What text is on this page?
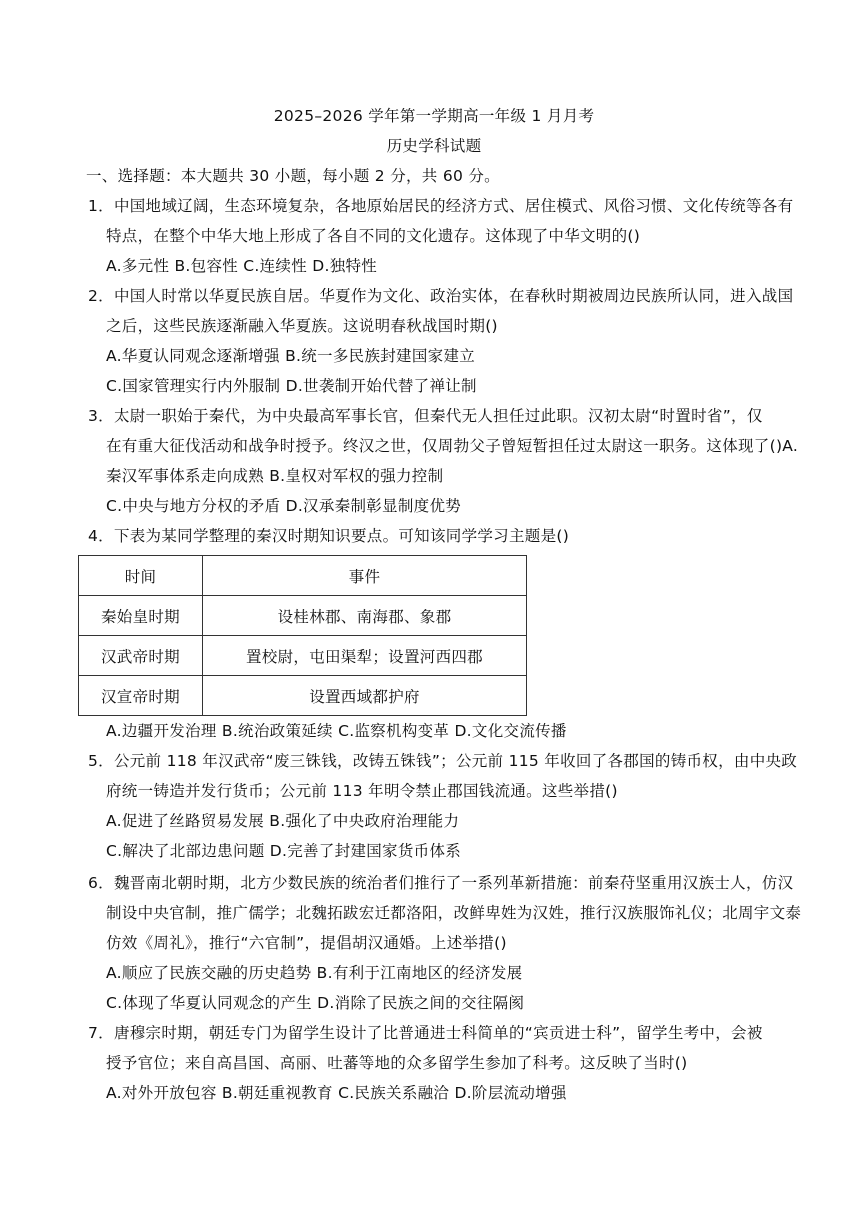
2025–2026 学年第一学期高一年级 1 月月考
历史学科试题
一、选择题：本大题共 30 小题，每小题 2 分，共 60 分。
1．中国地域辽阔，生态环境复杂，各地原始居民的经济方式、居住模式、风俗习惯、文化传统等各有
特点，在整个中华大地上形成了各自不同的文化遗存。这体现了中华文明的()
A.多元性 B.包容性 C.连续性 D.独特性
2．中国人时常以华夏民族自居。华夏作为文化、政治实体，在春秋时期被周边民族所认同，进入战国
之后，这些民族逐渐融入华夏族。这说明春秋战国时期()
A.华夏认同观念逐渐增强 B.统一多民族封建国家建立
C.国家管理实行内外服制 D.世袭制开始代替了禅让制
3．太尉一职始于秦代，为中央最高军事长官，但秦代无人担任过此职。汉初太尉“时置时省”，仅
在有重大征伐活动和战争时授予。终汉之世，仅周勃父子曾短暂担任过太尉这一职务。这体现了()A.
秦汉军事体系走向成熟 B.皇权对军权的强力控制
C.中央与地方分权的矛盾 D.汉承秦制彰显制度优势
4．下表为某同学整理的秦汉时期知识要点。可知该同学学习主题是()
时间	事件
秦始皇时期	设桂林郡、南海郡、象郡
汉武帝时期	置校尉，屯田渠犁；设置河西四郡
汉宣帝时期	设置西域都护府
A.边疆开发治理 B.统治政策延续 C.监察机构变革 D.文化交流传播
5．公元前 118 年汉武帝“废三铢钱，改铸五铢钱”；公元前 115 年收回了各郡国的铸币权，由中央政
府统一铸造并发行货币；公元前 113 年明令禁止郡国钱流通。这些举措()
A.促进了丝路贸易发展 B.强化了中央政府治理能力
C.解决了北部边患问题 D.完善了封建国家货币体系
6．魏晋南北朝时期，北方少数民族的统治者们推行了一系列革新措施：前秦苻坚重用汉族士人，仿汉
制设中央官制，推广儒学；北魏拓跋宏迁都洛阳，改鲜卑姓为汉姓，推行汉族服饰礼仪；北周宇文泰
仿效《周礼》，推行“六官制”，提倡胡汉通婚。上述举措()
A.顺应了民族交融的历史趋势 B.有利于江南地区的经济发展
C.体现了华夏认同观念的产生 D.消除了民族之间的交往隔阂
7．唐穆宗时期，朝廷专门为留学生设计了比普通进士科简单的“宾贡进士科”，留学生考中，会被
授予官位；来自高昌国、高丽、吐蕃等地的众多留学生参加了科考。这反映了当时()
A.对外开放包容 B.朝廷重视教育 C.民族关系融洽 D.阶层流动增强
